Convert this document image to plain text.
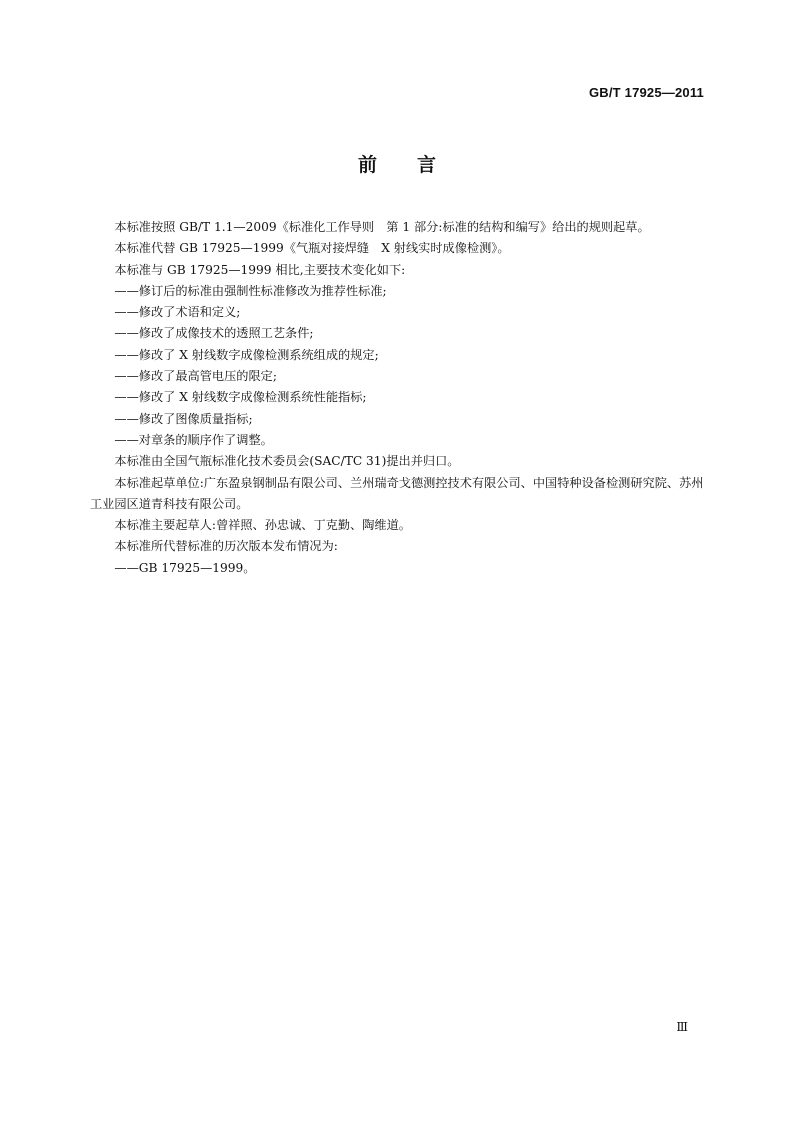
GB/T 17925—2011
前言

本标准按照 GB/T 1.1—2009《标准化工作导则　第 1 部分:标准的结构和编写》给出的规则起草。

本标准代替 GB 17925—1999《气瓶对接焊缝　X 射线实时成像检测》。

本标准与 GB 17925—1999 相比,主要技术变化如下:

——修订后的标准由强制性标准修改为推荐性标准;

——修改了术语和定义;

——修改了成像技术的透照工艺条件;

——修改了 X 射线数字成像检测系统组成的规定;

——修改了最高管电压的限定;

——修改了 X 射线数字成像检测系统性能指标;

——修改了图像质量指标;

——对章条的顺序作了调整。

本标准由全国气瓶标准化技术委员会(SAC/TC 31)提出并归口。

本标准起草单位:广东盈泉钢制品有限公司、兰州瑞奇戈德测控技术有限公司、中国特种设备检测研究院、苏州工业园区道青科技有限公司。

本标准主要起草人:曾祥照、孙忠诚、丁克勤、陶维道。

本标准所代替标准的历次版本发布情况为:

——GB 17925—1999。

Ⅲ
